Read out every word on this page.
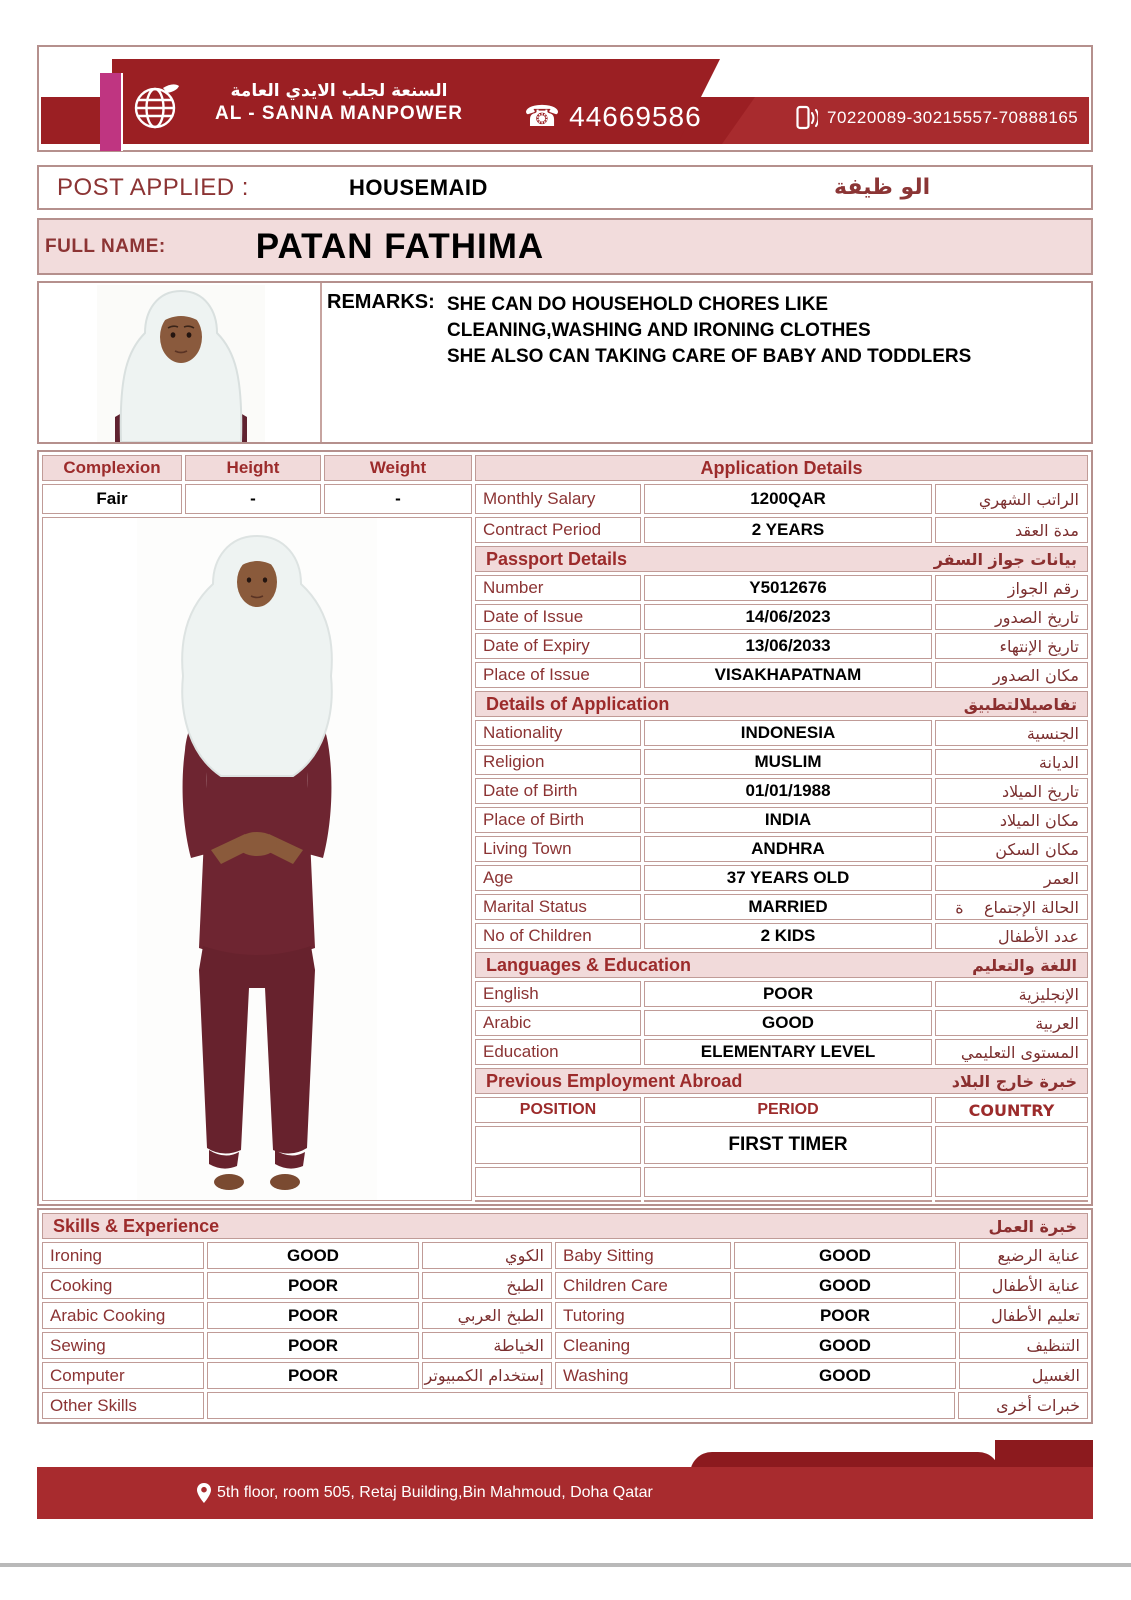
السنعة لجلب الايدي العامة
AL - SANNA MANPOWER	☎ 44669586	70220089-30215557-70888165
POST APPLIED :	HOUSEMAID	الو ظيفة
FULL NAME:	PATAN FATHIMA
REMARKS: SHE CAN DO HOUSEHOLD CHORES LIKE
CLEANING,WASHING AND IRONING CLOTHES
SHE ALSO CAN TAKING CARE OF BABY AND TODDLERS
Complexion	Height	Weight
Fair	-	-
Application Details
Monthly Salary	1200QAR	الراتب الشهري
Contract Period	2 YEARS	مدة العقد
Passport Details	بيانات جواز السفر
Number	Y5012676	رقم الجواز
Date of Issue	14/06/2023	تاريخ الصدور
Date of Expiry	13/06/2033	تاريخ الإنتهاء
Place of Issue	VISAKHAPATNAM	مكان الصدور
Details of Application	تفاصيلالتطبيق
Nationality	INDONESIA	الجنسية
Religion	MUSLIM	الديانة
Date of Birth	01/01/1988	تاريخ الميلاد
Place of Birth	INDIA	مكان الميلاد
Living Town	ANDHRA	مكان السكن
Age	37 YEARS OLD	العمر
Marital Status	MARRIED	الحالة الإجتماع    ة
No of Children	2 KIDS	عدد الأطفال
Languages & Education	اللغة والتعليم
English	POOR	الإنجليزية
Arabic	GOOD	العربية
Education	ELEMENTARY LEVEL	المستوى التعليمي
Previous Employment Abroad	خبرة خارج البلاد
POSITION	PERIOD	COUNTRY
FIRST TIMER
Skills & Experience	خبرة العمل
Ironing	GOOD	الكوي	Baby Sitting	GOOD	عناية الرضيع
Cooking	POOR	الطبخ	Children Care	GOOD	عناية الأطفال
Arabic Cooking	POOR	الطبخ العربي	Tutoring	POOR	تعليم الأطفال
Sewing	POOR	الخياطة	Cleaning	GOOD	التنظيف
Computer	POOR	إستخدام الكمبيوتر	Washing	GOOD	الغسيل
Other Skills	خبرات أخرى
5th floor, room 505, Retaj Building,Bin Mahmoud, Doha Qatar
